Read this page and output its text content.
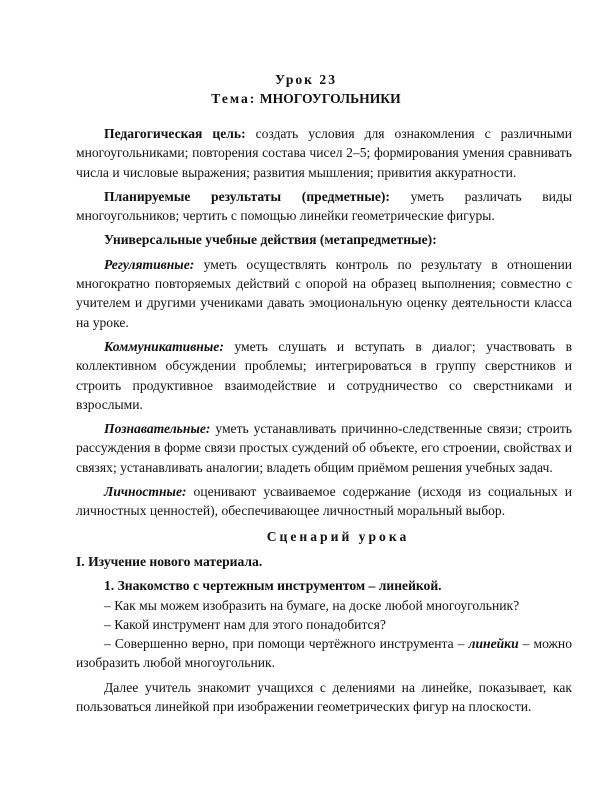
Урок 23
Тема: МНОГОУГОЛЬНИКИ

Педагогическая цель: создать условия для ознакомления с различными многоугольниками; повторения состава чисел 2–5; формирования умения сравнивать числа и числовые выражения; развития мышления; привития аккуратности.

Планируемые результаты (предметные): уметь различать виды многоугольников; чертить с помощью линейки геометрические фигуры.

Универсальные учебные действия (метапредметные):

Регулятивные: уметь осуществлять контроль по результату в отношении многократно повторяемых действий с опорой на образец выполнения; совместно с учителем и другими учениками давать эмоциональную оценку деятельности класса на уроке.

Коммуникативные: уметь слушать и вступать в диалог; участвовать в коллективном обсуждении проблемы; интегрироваться в группу сверстников и строить продуктивное взаимодействие и сотрудничество со сверстниками и взрослыми.

Познавательные: уметь устанавливать причинно-следственные связи; строить рассуждения в форме связи простых суждений об объекте, его строении, свойствах и связях; устанавливать аналогии; владеть общим приёмом решения учебных задач.

Личностные: оценивают усваиваемое содержание (исходя из социальных и личностных ценностей), обеспечивающее личностный моральный выбор.

Сценарий урока

I. Изучение нового материала.

1. Знакомство с чертежным инструментом – линейкой.

– Как мы можем изобразить на бумаге, на доске любой многоугольник?

– Какой инструмент нам для этого понадобится?

– Совершенно верно, при помощи чертёжного инструмента – линейки – можно изобразить любой многоугольник.

Далее учитель знакомит учащихся с делениями на линейке, показывает, как пользоваться линейкой при изображении геометрических фигур на плоскости.
